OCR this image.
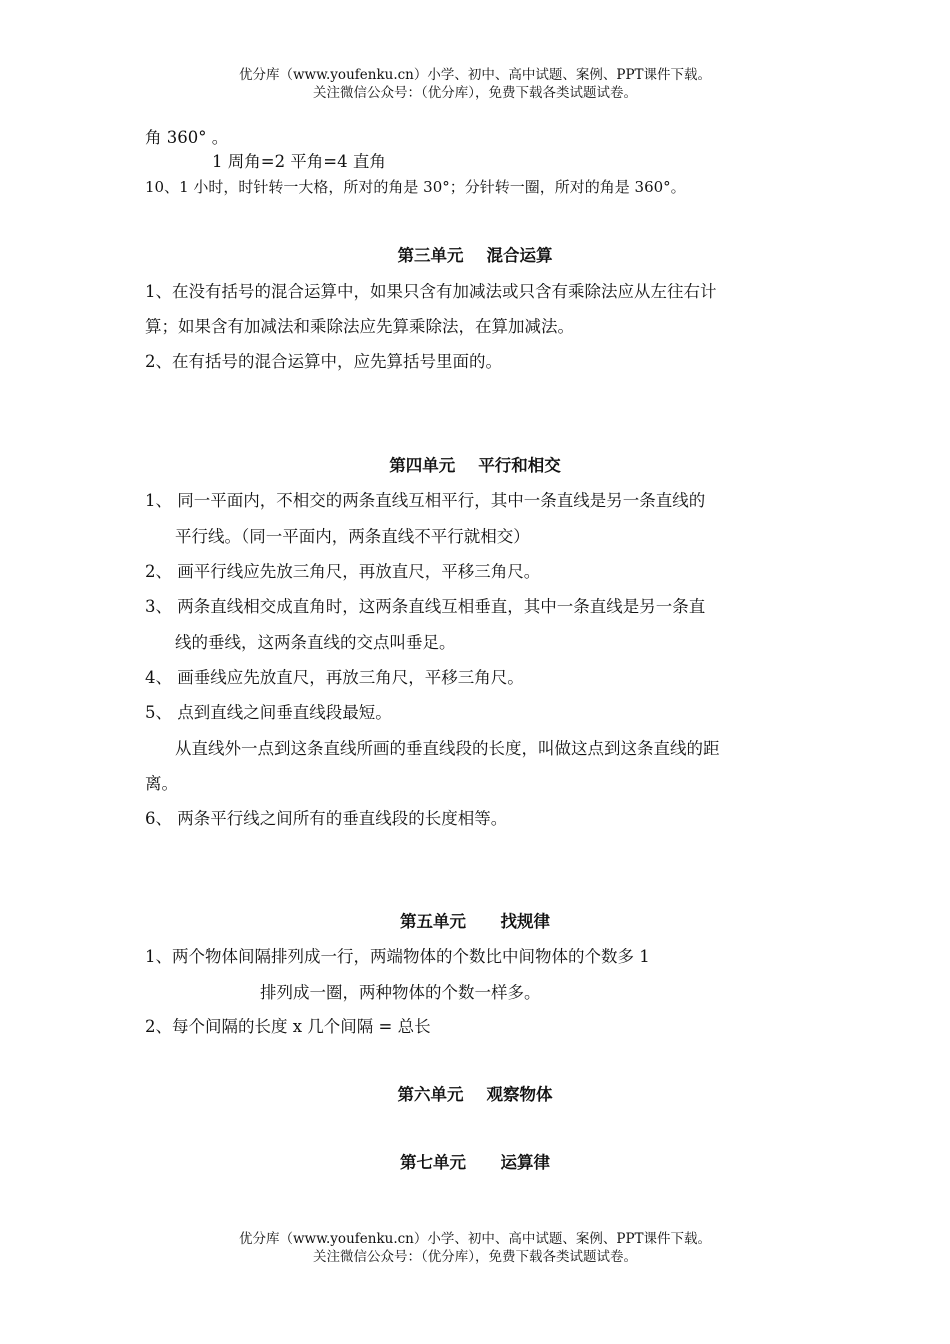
优分库（www.youfenku.cn）小学、初中、高中试题、案例、PPT课件下载。
关注微信公众号：（优分库），免费下载各类试题试卷。
角 360° 。
1 周角=2 平角=4 直角
10、1 小时，时针转一大格，所对的角是 30°；分针转一圈，所对的角是 360°。
第三单元    混合运算
1、在没有括号的混合运算中，如果只含有加减法或只含有乘除法应从左往右计
算；如果含有加减法和乘除法应先算乘除法，在算加减法。
2、在有括号的混合运算中，应先算括号里面的。
第四单元    平行和相交
1、 同一平面内，不相交的两条直线互相平行，其中一条直线是另一条直线的
平行线。（同一平面内，两条直线不平行就相交）
2、 画平行线应先放三角尺，再放直尺，平移三角尺。
3、 两条直线相交成直角时，这两条直线互相垂直，其中一条直线是另一条直
线的垂线，这两条直线的交点叫垂足。
4、 画垂线应先放直尺，再放三角尺，平移三角尺。
5、 点到直线之间垂直线段最短。
从直线外一点到这条直线所画的垂直线段的长度，叫做这点到这条直线的距
离。
6、 两条平行线之间所有的垂直线段的长度相等。
第五单元      找规律
1、两个物体间隔排列成一行，两端物体的个数比中间物体的个数多 1
排列成一圈，两种物体的个数一样多。
2、每个间隔的长度 x 几个间隔 = 总长
第六单元    观察物体
第七单元      运算律
优分库（www.youfenku.cn）小学、初中、高中试题、案例、PPT课件下载。
关注微信公众号：（优分库），免费下载各类试题试卷。
